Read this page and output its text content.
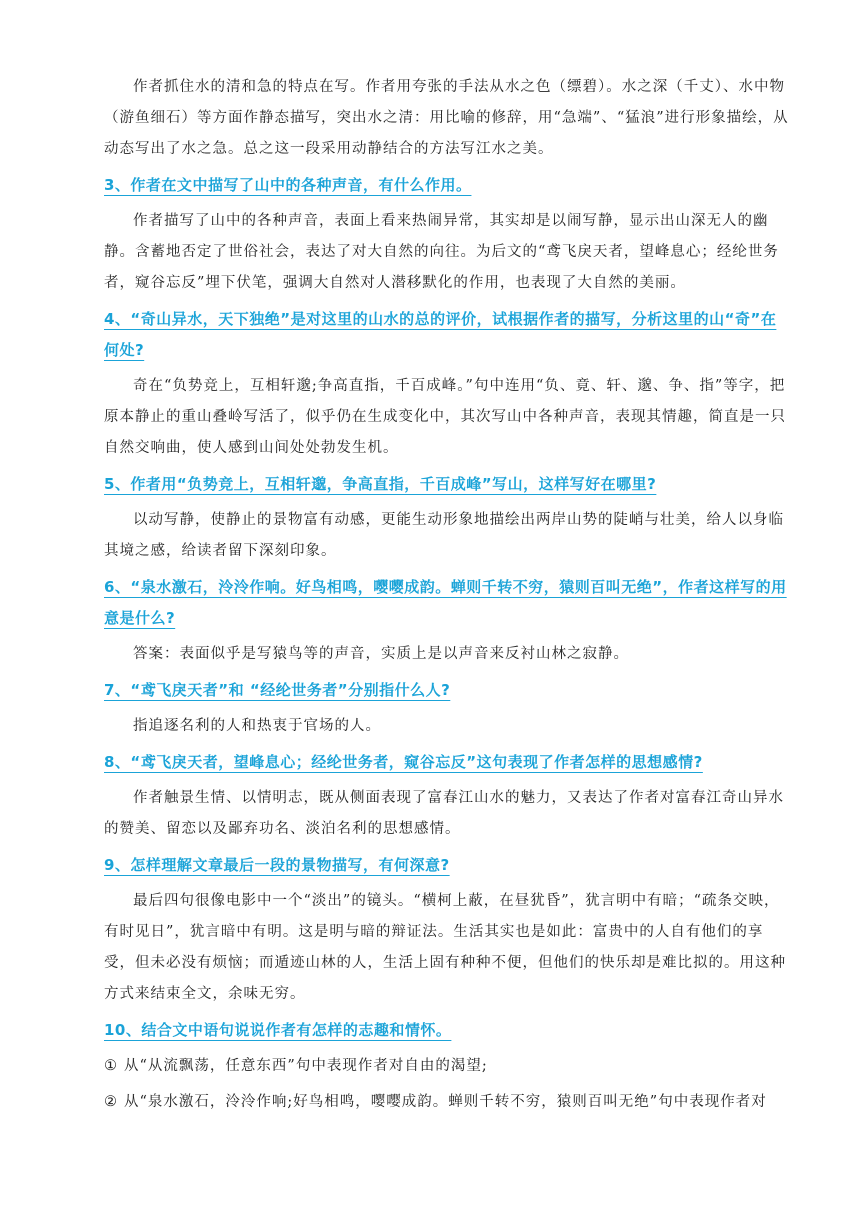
作者抓住水的清和急的特点在写。作者用夸张的手法从水之色（缥碧）。水之深（千丈）、水中物（游鱼细石）等方面作静态描写，突出水之清：用比喻的修辞，用“急端”、“猛浪”进行形象描绘，从动态写出了水之急。总之这一段采用动静结合的方法写江水之美。

3、作者在文中描写了山中的各种声音，有什么作用。

作者描写了山中的各种声音，表面上看来热闹异常，其实却是以闹写静，显示出山深无人的幽静。含蓄地否定了世俗社会，表达了对大自然的向往。为后文的“鸢飞戾天者，望峰息心；经纶世务者，窥谷忘反”埋下伏笔，强调大自然对人潜移默化的作用，也表现了大自然的美丽。

4、“奇山异水，天下独绝”是对这里的山水的总的评价，试根据作者的描写，分析这里的山“奇”在何处?

奇在“负势竞上，互相轩邈;争高直指，千百成峰。”句中连用“负、竟、轩、邈、争、指”等字，把原本静止的重山叠岭写活了，似乎仍在生成变化中，其次写山中各种声音，表现其情趣，简直是一只自然交响曲，使人感到山间处处勃发生机。

5、作者用“负势竞上，互相轩邈，争高直指，千百成峰”写山，这样写好在哪里?

以动写静，使静止的景物富有动感，更能生动形象地描绘出两岸山势的陡峭与壮美，给人以身临其境之感，给读者留下深刻印象。

6、“泉水激石，泠泠作响。好鸟相鸣，嘤嘤成韵。蝉则千转不穷，猿则百叫无绝”，作者这样写的用意是什么?

答案：表面似乎是写猿鸟等的声音，实质上是以声音来反衬山林之寂静。

7、“鸢飞戾天者”和 “经纶世务者”分别指什么人?

指追逐名利的人和热衷于官场的人。

8、“鸢飞戾天者，望峰息心；经纶世务者，窥谷忘反”这句表现了作者怎样的思想感情?

作者触景生情、以情明志，既从侧面表现了富春江山水的魅力，又表达了作者对富春江奇山异水的赞美、留恋以及鄙弃功名、淡泊名利的思想感情。

9、怎样理解文章最后一段的景物描写，有何深意?

最后四句很像电影中一个“淡出”的镜头。“横柯上蔽，在昼犹昏”，犹言明中有暗；“疏条交映，有时见日”，犹言暗中有明。这是明与暗的辩证法。生活其实也是如此：富贵中的人自有他们的享受，但未必没有烦恼；而遁迹山林的人，生活上固有种种不便，但他们的快乐却是难比拟的。用这种方式来结束全文，余味无穷。

10、结合文中语句说说作者有怎样的志趣和情怀。

① 从“从流飘荡，任意东西”句中表现作者对自由的渴望;

② 从“泉水激石，泠泠作响;好鸟相鸣，嘤嘤成韵。蝉则千转不穷，猿则百叫无绝”句中表现作者对
